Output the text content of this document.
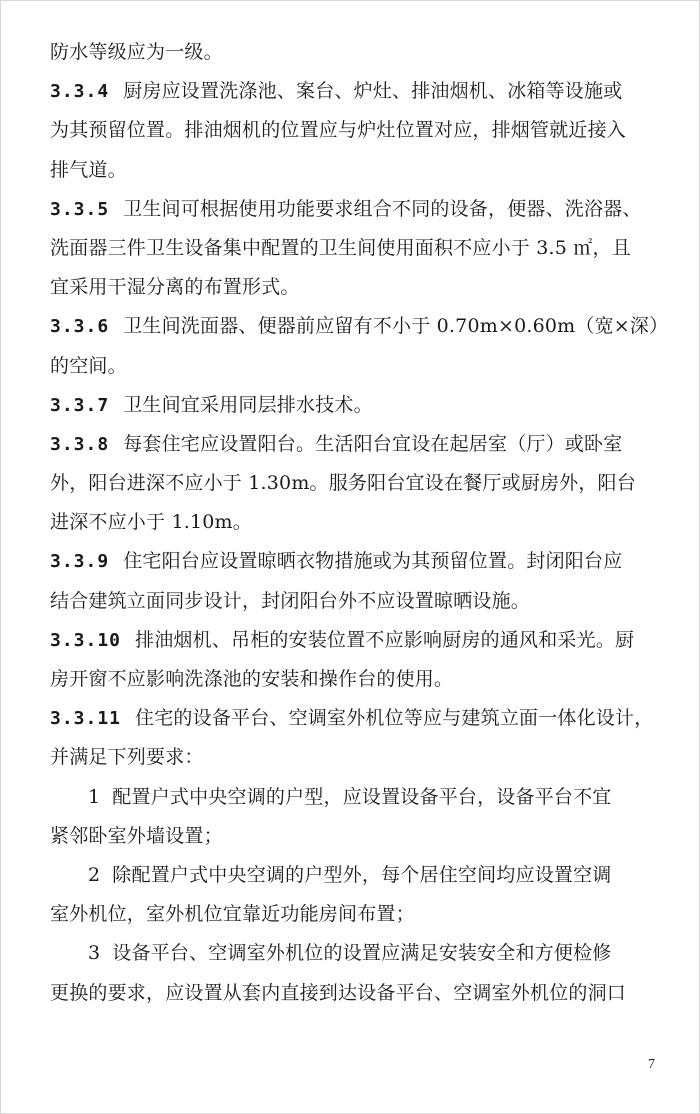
防水等级应为一级。
3.3.4 厨房应设置洗涤池、案台、炉灶、排油烟机、冰箱等设施或
为其预留位置。排油烟机的位置应与炉灶位置对应，排烟管就近接入
排气道。
3.3.5 卫生间可根据使用功能要求组合不同的设备，便器、洗浴器、
洗面器三件卫生设备集中配置的卫生间使用面积不应小于 3.5 ㎡，且
宜采用干湿分离的布置形式。
3.3.6 卫生间洗面器、便器前应留有不小于 0.70m×0.60m（宽×深）
的空间。
3.3.7 卫生间宜采用同层排水技术。
3.3.8 每套住宅应设置阳台。生活阳台宜设在起居室（厅）或卧室
外，阳台进深不应小于 1.30m。服务阳台宜设在餐厅或厨房外，阳台
进深不应小于 1.10m。
3.3.9 住宅阳台应设置晾晒衣物措施或为其预留位置。封闭阳台应
结合建筑立面同步设计，封闭阳台外不应设置晾晒设施。
3.3.10 排油烟机、吊柜的安装位置不应影响厨房的通风和采光。厨
房开窗不应影响洗涤池的安装和操作台的使用。
3.3.11 住宅的设备平台、空调室外机位等应与建筑立面一体化设计，
并满足下列要求：
1 配置户式中央空调的户型，应设置设备平台，设备平台不宜
紧邻卧室外墙设置；
2 除配置户式中央空调的户型外，每个居住空间均应设置空调
室外机位，室外机位宜靠近功能房间布置；
3 设备平台、空调室外机位的设置应满足安装安全和方便检修
更换的要求，应设置从套内直接到达设备平台、空调室外机位的洞口
7
